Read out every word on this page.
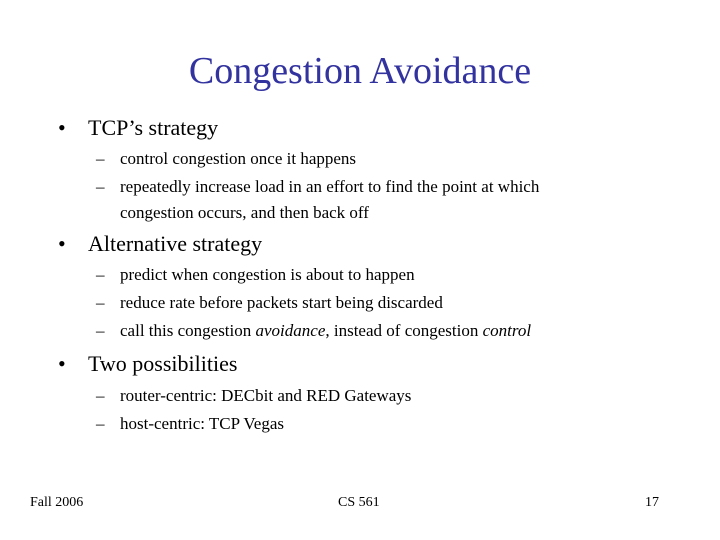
Congestion Avoidance
• TCP’s strategy
– control congestion once it happens
– repeatedly increase load in an effort to find the point at which
congestion occurs, and then back off
• Alternative strategy
– predict when congestion is about to happen
– reduce rate before packets start being discarded
– call this congestion avoidance, instead of congestion control
• Two possibilities
– router-centric: DECbit and RED Gateways
– host-centric: TCP Vegas
Fall 2006	CS 561	17
